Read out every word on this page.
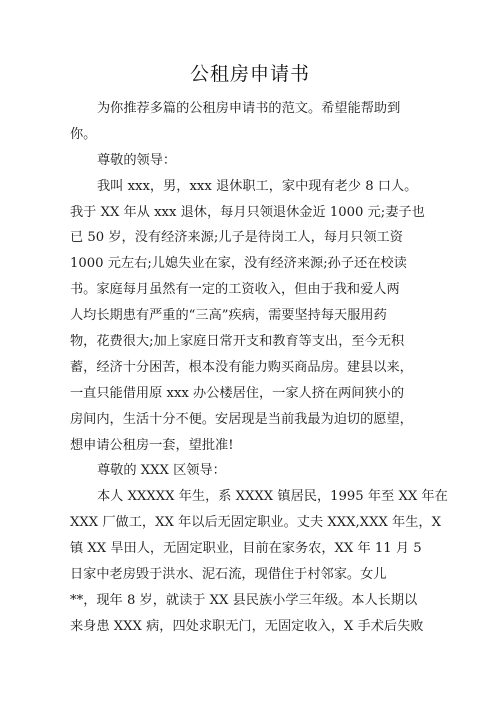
公租房申请书
为你推荐多篇的公租房申请书的范文。希望能帮助到
你。
尊敬的领导：
我叫 xxx，男，xxx 退休职工，家中现有老少 8 口人。
我于 XX 年从 xxx 退休，每月只领退休金近 1000 元;妻子也
已 50 岁，没有经济来源;儿子是待岗工人，每月只领工资
1000 元左右;儿媳失业在家，没有经济来源;孙子还在校读
书。家庭每月虽然有一定的工资收入，但由于我和爱人两
人均长期患有严重的“三高”疾病，需要坚持每天服用药
物，花费很大;加上家庭日常开支和教育等支出，至今无积
蓄，经济十分困苦，根本没有能力购买商品房。建县以来，
一直只能借用原 xxx 办公楼居住，一家人挤在两间狭小的
房间内，生活十分不便。安居现是当前我最为迫切的愿望，
想申请公租房一套，望批准!
尊敬的 XXX 区领导：
本人 XXXXX 年生，系 XXXX 镇居民，1995 年至 XX 年在
XXX 厂做工，XX 年以后无固定职业。丈夫 XXX,XXX 年生，X
镇 XX 旱田人，无固定职业，目前在家务农，XX 年 11 月 5
日家中老房毁于洪水、泥石流，现借住于村邻家。女儿
**，现年 8 岁，就读于 XX 县民族小学三年级。本人长期以
来身患 XXX 病，四处求职无门，无固定收入，X 手术后失败
